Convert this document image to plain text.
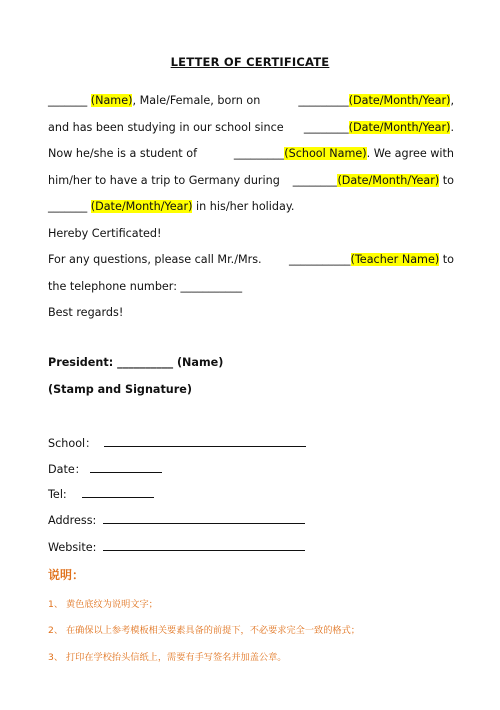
LETTER OF CERTIFICATE
_______ (Name), Male/Female, born on	_________(Date/Month/Year),
and has been studying in our school since ________(Date/Month/Year).
Now he/she is a student of	_________(School Name). We agree with
him/her to have a trip to Germany during ________(Date/Month/Year) to
_______ (Date/Month/Year) in his/her holiday.
Hereby Certificated!
For any questions, please call Mr./Mrs. ___________(Teacher Name) to
the telephone number: ___________
Best regards!
President: __________ (Name)
(Stamp and Signature)
School：
Date：
Tel:
Address:
Website:
说明：
1、 黄色底纹为说明文字；
2、 在确保以上参考模板相关要素具备的前提下，不必要求完全一致的格式；
3、 打印在学校抬头信纸上，需要有手写签名并加盖公章。
